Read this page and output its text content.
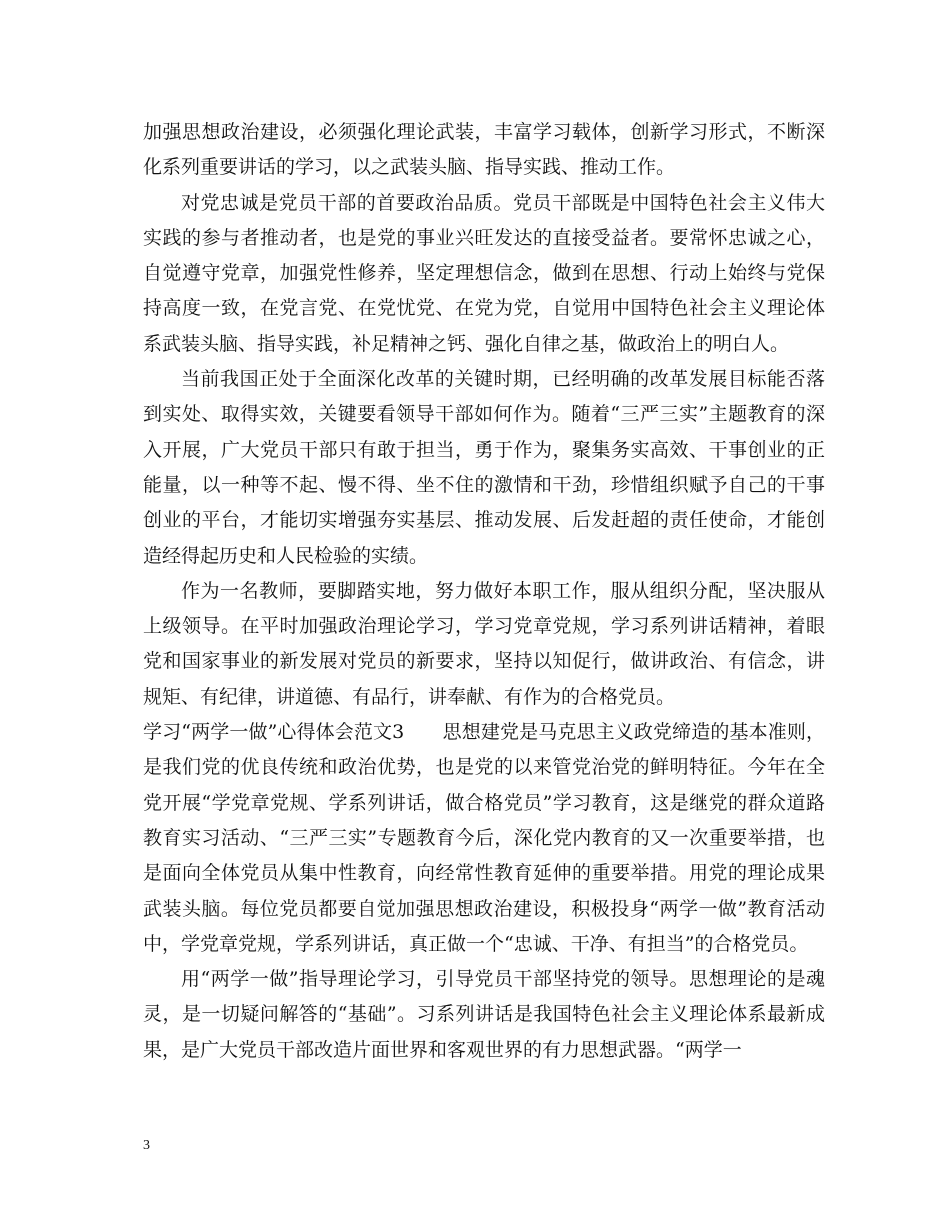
加强思想政治建设，必须强化理论武装，丰富学习载体，创新学习形式，不断深化系列重要讲话的学习，以之武装头脑、指导实践、推动工作。

对党忠诚是党员干部的首要政治品质。党员干部既是中国特色社会主义伟大实践的参与者推动者，也是党的事业兴旺发达的直接受益者。要常怀忠诚之心，自觉遵守党章，加强党性修养，坚定理想信念，做到在思想、行动上始终与党保持高度一致，在党言党、在党忧党、在党为党，自觉用中国特色社会主义理论体系武装头脑、指导实践，补足精神之钙、强化自律之基，做政治上的明白人。

当前我国正处于全面深化改革的关键时期，已经明确的改革发展目标能否落到实处、取得实效，关键要看领导干部如何作为。随着“三严三实”主题教育的深入开展，广大党员干部只有敢于担当，勇于作为，聚集务实高效、干事创业的正能量，以一种等不起、慢不得、坐不住的激情和干劲，珍惜组织赋予自己的干事创业的平台，才能切实增强夯实基层、推动发展、后发赶超的责任使命，才能创造经得起历史和人民检验的实绩。

作为一名教师，要脚踏实地，努力做好本职工作，服从组织分配，坚决服从上级领导。在平时加强政治理论学习，学习党章党规，学习系列讲话精神，着眼党和国家事业的新发展对党员的新要求，坚持以知促行，做讲政治、有信念，讲规矩、有纪律，讲道德、有品行，讲奉献、有作为的合格党员。

学习“两学一做”心得体会范文3　　思想建党是马克思主义政党缔造的基本准则，是我们党的优良传统和政治优势，也是党的以来管党治党的鲜明特征。今年在全党开展“学党章党规、学系列讲话，做合格党员”学习教育，这是继党的群众道路教育实习活动、“三严三实”专题教育今后，深化党内教育的又一次重要举措，也是面向全体党员从集中性教育，向经常性教育延伸的重要举措。用党的理论成果武装头脑。每位党员都要自觉加强思想政治建设，积极投身“两学一做”教育活动中，学党章党规，学系列讲话，真正做一个“忠诚、干净、有担当”的合格党员。

用“两学一做”指导理论学习，引导党员干部坚持党的领导。思想理论的是魂灵，是一切疑问解答的“基础”。习系列讲话是我国特色社会主义理论体系最新成果，是广大党员干部改造片面世界和客观世界的有力思想武器。“两学一

3
